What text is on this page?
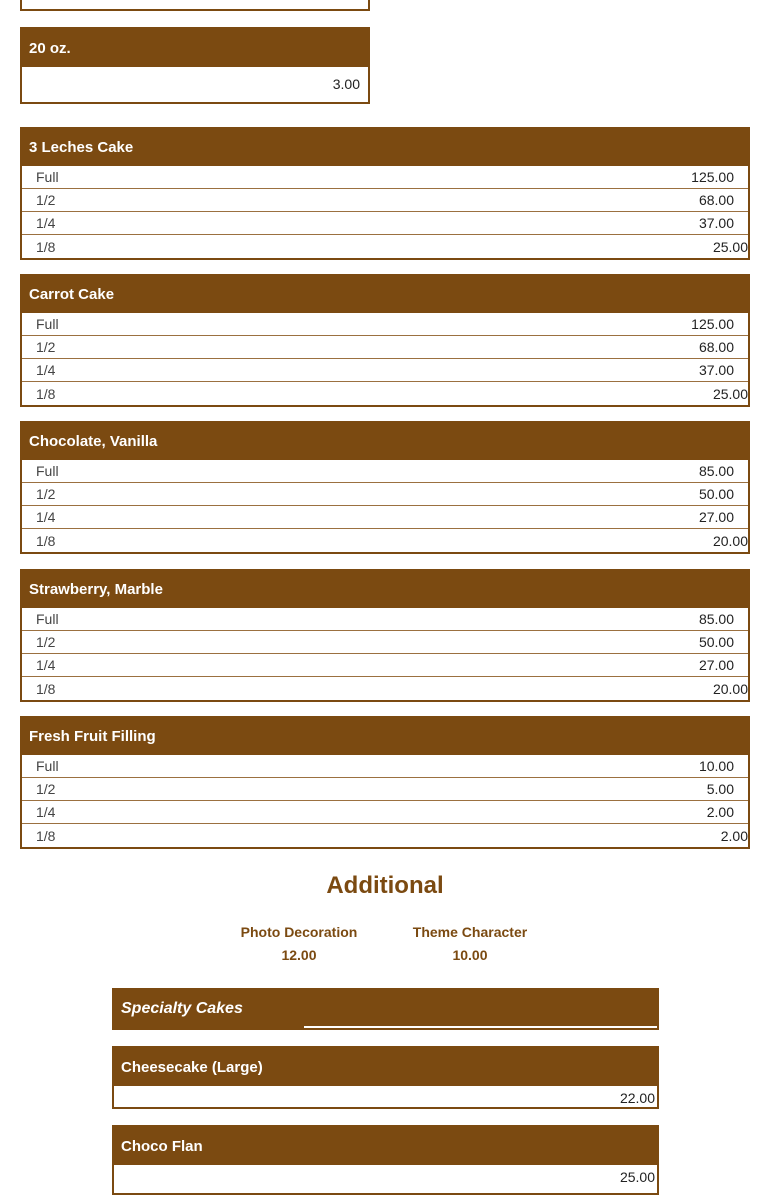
20 oz.
3.00
3 Leches Cake
Full	125.00
1/2	68.00
1/4	37.00
1/8	25.00
Carrot Cake
Full	125.00
1/2	68.00
1/4	37.00
1/8	25.00
Chocolate, Vanilla
Full	85.00
1/2	50.00
1/4	27.00
1/8	20.00
Strawberry, Marble
Full	85.00
1/2	50.00
1/4	27.00
1/8	20.00
Fresh Fruit Filling
Full	10.00
1/2	5.00
1/4	2.00
1/8	2.00
Additional
Photo Decoration
12.00
Theme Character
10.00
Specialty Cakes
Cheesecake (Large)
22.00
Choco Flan
25.00
